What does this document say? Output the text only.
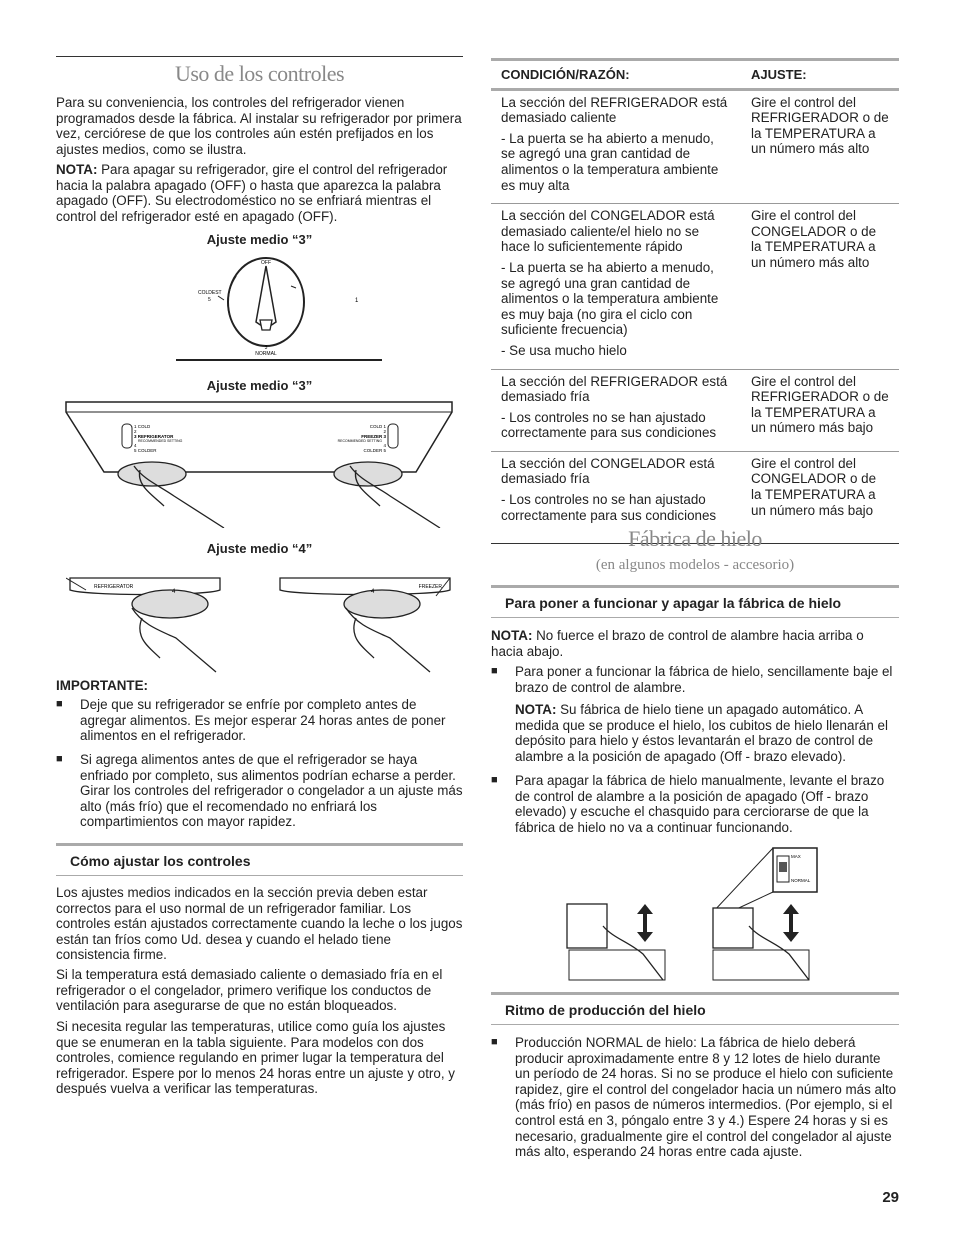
Uso de los controles

Para su conveniencia, los controles del refrigerador vienen programados desde la fábrica. Al instalar su refrigerador por primera vez, cerciórese de que los controles aún estén prefijados en los ajustes medios, como se ilustra.

NOTA: Para apagar su refrigerador, gire el control del refrigerador hacia la palabra apagado (OFF) o hasta que aparezca la palabra apagado (OFF). Su electrodoméstico no se enfriará mientras el control del refrigerador esté en apagado (OFF).

Ajuste medio “3”
OFF
COLDEST
5	1
3
NORMAL
Ajuste medio “3”
1 COLD
2
3 REFRIGERATOR
RECOMMENDED SETTING
4
5 COLDER
COLD 1
2
FREEZER 3
RECOMMENDED SETTING
4
COLDER 5
Ajuste medio “4”
REFRIGERATOR	FREEZER
4	4

IMPORTANTE:

■ Deje que su refrigerador se enfríe por completo antes de agregar alimentos. Es mejor esperar 24 horas antes de poner alimentos en el refrigerador.

■ Si agrega alimentos antes de que el refrigerador se haya enfriado por completo, sus alimentos podrían echarse a perder. Girar los controles del refrigerador o congelador a un ajuste más alto (más frío) que el recomendado no enfriará los compartimientos con mayor rapidez.

Cómo ajustar los controles

Los ajustes medios indicados en la sección previa deben estar correctos para el uso normal de un refrigerador familiar. Los controles están ajustados correctamente cuando la leche o los jugos están tan fríos como Ud. desea y cuando el helado tiene consistencia firme.

Si la temperatura está demasiado caliente o demasiado fría en el refrigerador o el congelador, primero verifique los conductos de ventilación para asegurarse de que no están bloqueados.

Si necesita regular las temperaturas, utilice como guía los ajustes que se enumeran en la tabla siguiente. Para modelos con dos controles, comience regulando en primer lugar la temperatura del refrigerador. Espere por lo menos 24 horas entre un ajuste y otro, y después vuelva a verificar las temperaturas.

CONDICIÓN/RAZÓN:	AJUSTE:

La sección del REFRIGERADOR está demasiado caliente

- La puerta se ha abierto a menudo, se agregó una gran cantidad de alimentos o la temperatura ambiente es muy alta	Gire el control del REFRIGERADOR o de la TEMPERATURA a un número más alto

La sección del CONGELADOR está demasiado caliente/el hielo no se hace lo suficientemente rápido

- La puerta se ha abierto a menudo, se agregó una gran cantidad de alimentos o la temperatura ambiente es muy baja (no gira el ciclo con suficiente frecuencia)

- Se usa mucho hielo	Gire el control del CONGELADOR o de la TEMPERATURA a un número más alto

La sección del REFRIGERADOR está demasiado fría

- Los controles no se han ajustado correctamente para sus condiciones	Gire el control del REFRIGERADOR o de la TEMPERATURA a un número más bajo

La sección del CONGELADOR está demasiado fría

- Los controles no se han ajustado correctamente para sus condiciones	Gire el control del CONGELADOR o de la TEMPERATURA a un número más bajo
Fábrica de hielo
(en algunos modelos - accesorio)
Para poner a funcionar y apagar la fábrica de hielo

NOTA: No fuerce el brazo de control de alambre hacia arriba o hacia abajo.

■ Para poner a funcionar la fábrica de hielo, sencillamente baje el brazo de control de alambre.

NOTA: Su fábrica de hielo tiene un apagado automático. A medida que se produce el hielo, los cubitos de hielo llenarán el depósito para hielo y éstos levantarán el brazo de control de alambre a la posición de apagado (Off - brazo elevado).

■ Para apagar la fábrica de hielo manualmente, levante el brazo de control de alambre a la posición de apagado (Off - brazo elevado) y escuche el chasquido para cerciorarse de que la fábrica de hielo no va a continuar funcionando.

MAX
NORMAL
Ritmo de producción del hielo

■ Producción NORMAL de hielo: La fábrica de hielo deberá producir aproximadamente entre 8 y 12 lotes de hielo durante un período de 24 horas. Si no se produce el hielo con suficiente rapidez, gire el control del congelador hacia un número más alto (más frío) en pasos de números intermedios. (Por ejemplo, si el control está en 3, póngalo entre 3 y 4.) Espere 24 horas y si es necesario, gradualmente gire el control del congelador al ajuste más alto, esperando 24 horas entre cada ajuste.

29
